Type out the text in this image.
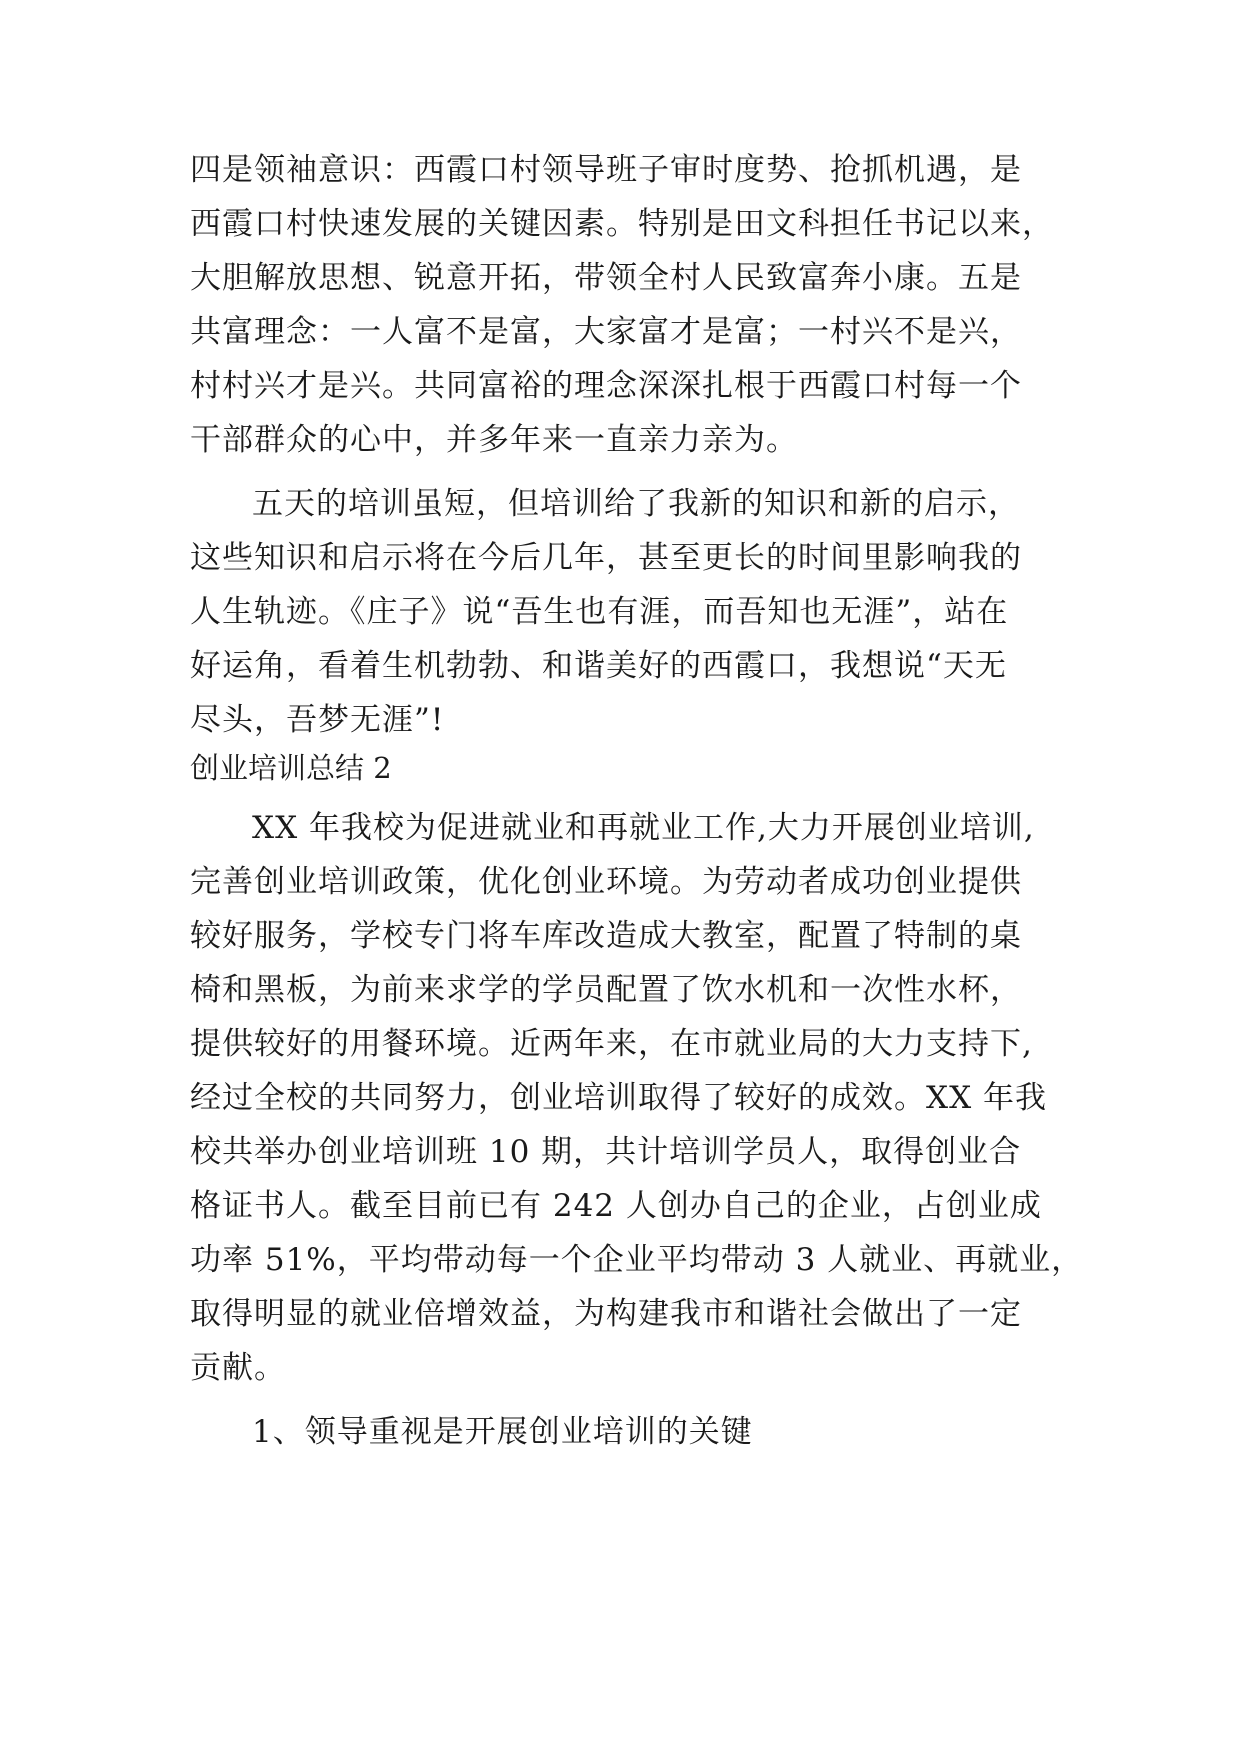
四是领袖意识：西霞口村领导班子审时度势、抢抓机遇，是
西霞口村快速发展的关键因素。特别是田文科担任书记以来，
大胆解放思想、锐意开拓，带领全村人民致富奔小康。五是
共富理念：一人富不是富，大家富才是富；一村兴不是兴，
村村兴才是兴。共同富裕的理念深深扎根于西霞口村每一个
干部群众的心中，并多年来一直亲力亲为。
五天的培训虽短，但培训给了我新的知识和新的启示，
这些知识和启示将在今后几年，甚至更长的时间里影响我的
人生轨迹。《庄子》说“吾生也有涯，而吾知也无涯”，站在
好运角，看着生机勃勃、和谐美好的西霞口，我想说“天无
尽头，吾梦无涯”!
创业培训总结 2
XX 年我校为促进就业和再就业工作,大力开展创业培训,
完善创业培训政策，优化创业环境。为劳动者成功创业提供
较好服务，学校专门将车库改造成大教室，配置了特制的桌
椅和黑板，为前来求学的学员配置了饮水机和一次性水杯，
提供较好的用餐环境。近两年来，在市就业局的大力支持下,
经过全校的共同努力，创业培训取得了较好的成效。XX 年我
校共举办创业培训班 10 期，共计培训学员人，取得创业合
格证书人。截至目前已有 242 人创办自己的企业，占创业成
功率 51%，平均带动每一个企业平均带动 3 人就业、再就业，
取得明显的就业倍增效益，为构建我市和谐社会做出了一定
贡献。
1、领导重视是开展创业培训的关键
